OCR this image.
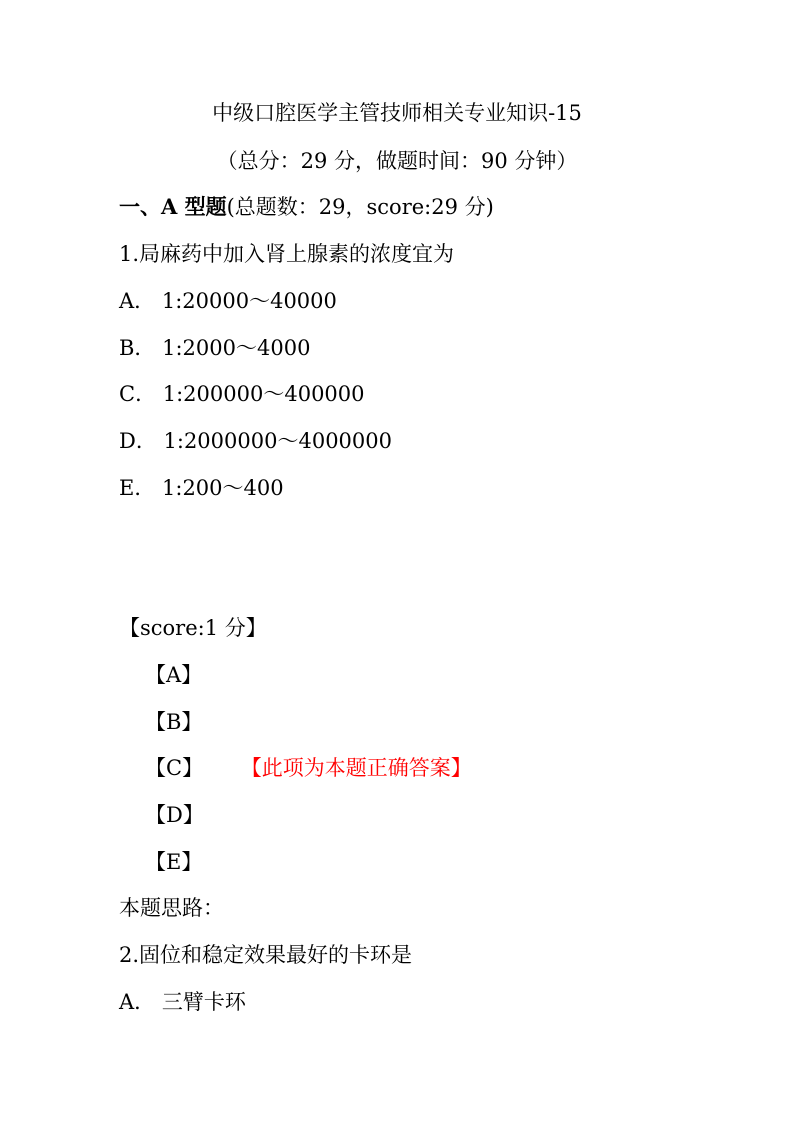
中级口腔医学主管技师相关专业知识-15
（总分：29 分，做题时间：90 分钟）
一、A 型题(总题数：29，score:29 分)
1.局麻药中加入肾上腺素的浓度宜为
A． 1:20000～40000
B． 1:2000～4000
C． 1:200000～400000
D． 1:2000000～4000000
E． 1:200～400
【score:1 分】
【A】
【B】
【C】 【此项为本题正确答案】
【D】
【E】
本题思路：
2.固位和稳定效果最好的卡环是
A． 三臂卡环
